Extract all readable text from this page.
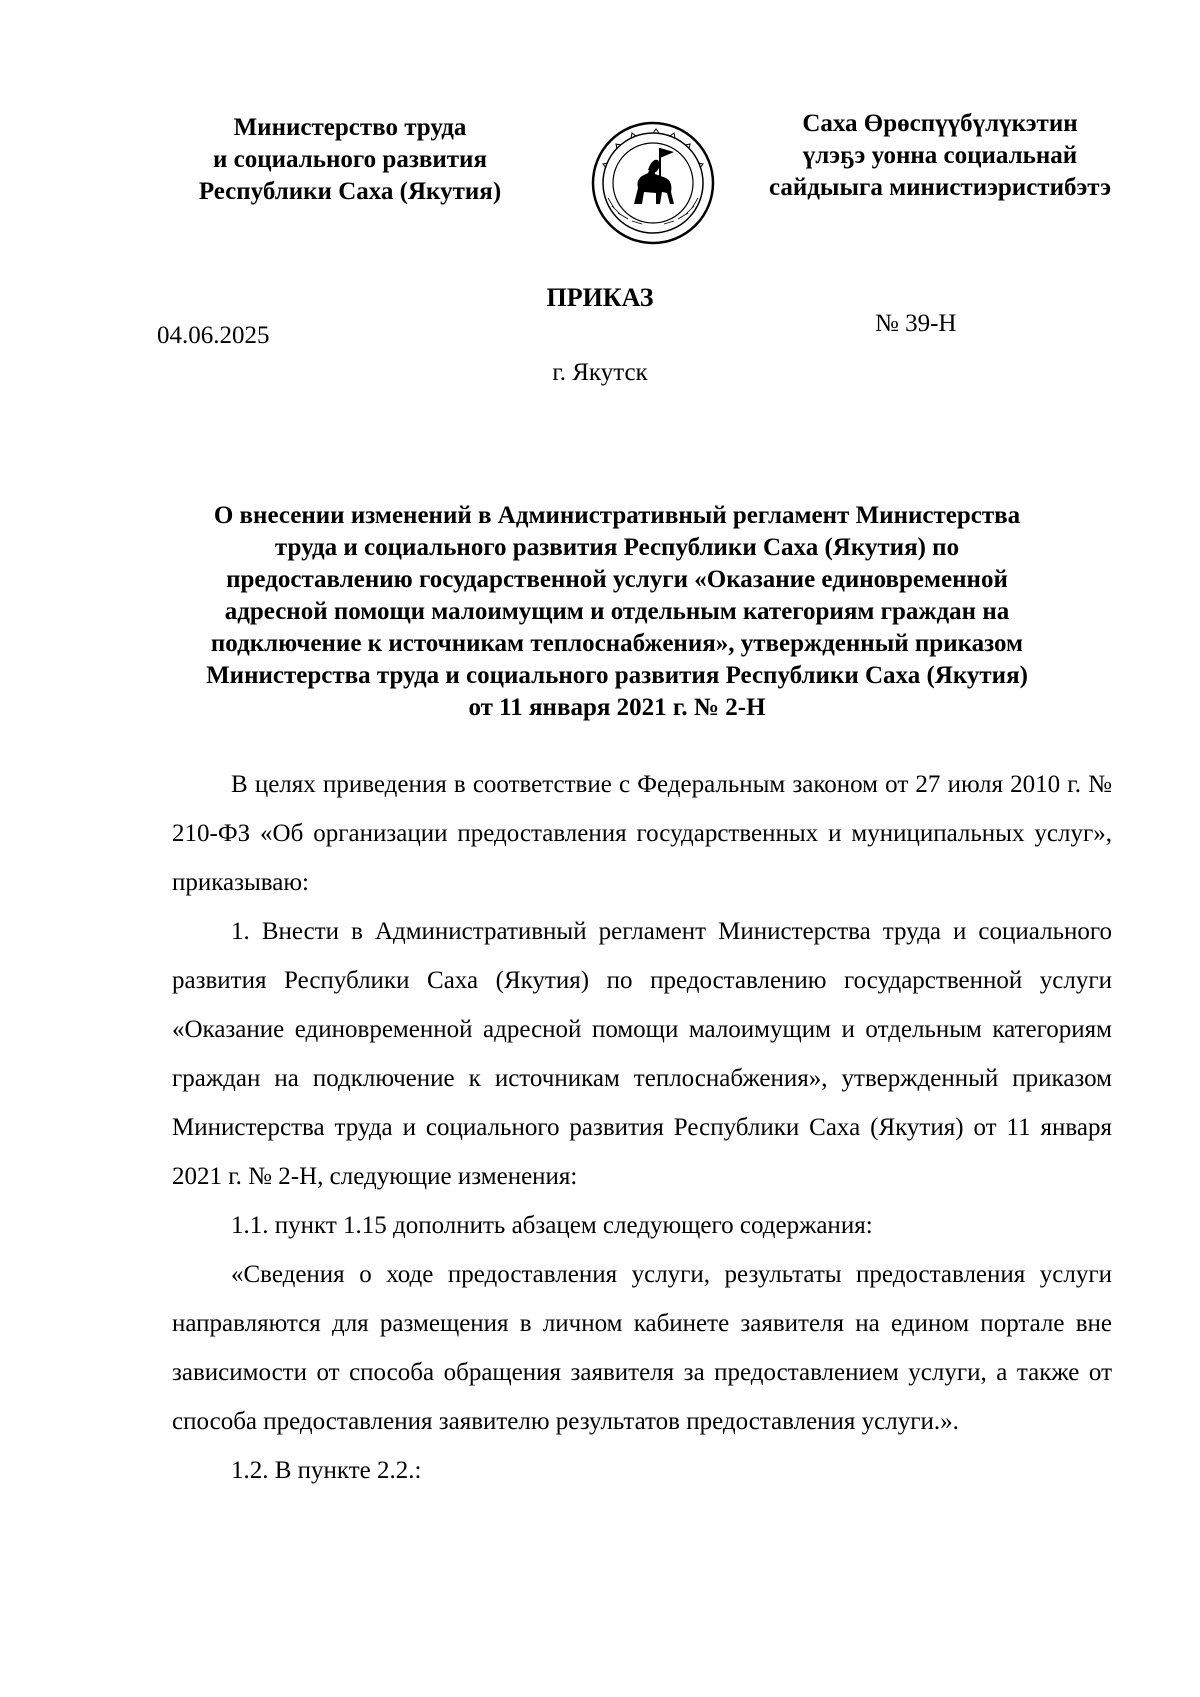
Министерство труда
и социального развития
Республики Саха (Якутия)
Саха Өрөспүүбүлүкэтин
үлэҕэ уонна социальнай
сайдыыга министиэристибэтэ
ПРИКАЗ
04.06.2025	№ 39-Н
г. Якутск
О внесении изменений в Административный регламент Министерства
труда и социального развития Республики Саха (Якутия) по
предоставлению государственной услуги «Оказание единовременной
адресной помощи малоимущим и отдельным категориям граждан на
подключение к источникам теплоснабжения», утвержденный приказом
Министерства труда и социального развития Республики Саха (Якутия)
от 11 января 2021 г. № 2-Н

В целях приведения в соответствие с Федеральным законом от 27 июля 2010 г. № 210-ФЗ «Об организации предоставления государственных и муниципальных услуг», приказываю:

1. Внести в Административный регламент Министерства труда и социального развития Республики Саха (Якутия) по предоставлению государственной услуги «Оказание единовременной адресной помощи малоимущим и отдельным категориям граждан на подключение к источникам теплоснабжения», утвержденный приказом Министерства труда и социального развития Республики Саха (Якутия) от 11 января 2021 г. № 2-Н, следующие изменения:

1.1. пункт 1.15 дополнить абзацем следующего содержания:

«Сведения о ходе предоставления услуги, результаты предоставления услуги направляются для размещения в личном кабинете заявителя на едином портале вне зависимости от способа обращения заявителя за предоставлением услуги, а также от способа предоставления заявителю результатов предоставления услуги.».

1.2. В пункте 2.2.:
